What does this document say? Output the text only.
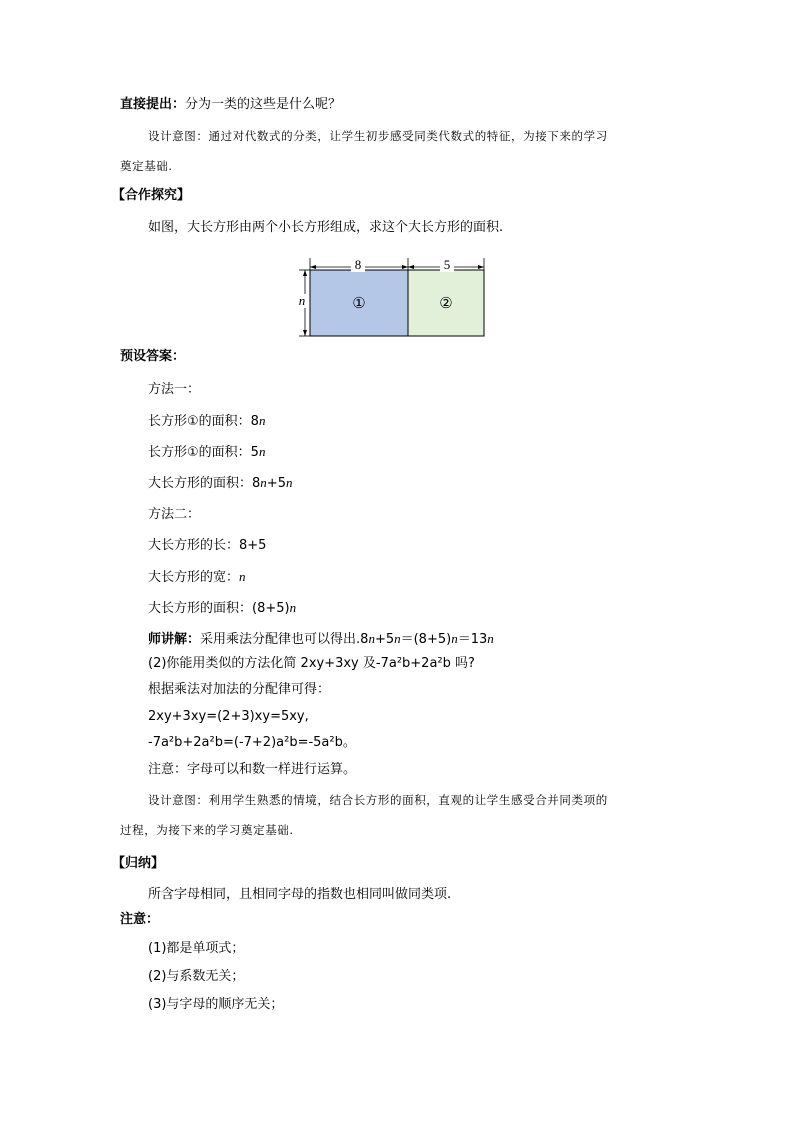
直接提出：分为一类的这些是什么呢？
设计意图：通过对代数式的分类，让学生初步感受同类代数式的特征，为接下来的学习
奠定基础.
【合作探究】
如图，大长方形由两个小长方形组成，求这个大长方形的面积.
8	5
n	①	②
预设答案：
方法一：
长方形①的面积：8n
长方形①的面积：5n
大长方形的面积：8n+5n
方法二：
大长方形的长：8+5
大长方形的宽：n
大长方形的面积：(8+5)n
师讲解：采用乘法分配律也可以得出.8n+5n＝(8+5)n＝13n
(2)你能用类似的方法化简 2xy+3xy 及-7a²b+2a²b 吗?
根据乘法对加法的分配律可得：
2xy+3xy=(2+3)xy=5xy,
-7a²b+2a²b=(-7+2)a²b=-5a²b。
注意：字母可以和数一样进行运算。
设计意图：利用学生熟悉的情境，结合长方形的面积，直观的让学生感受合并同类项的
过程，为接下来的学习奠定基础.
【归纳】
所含字母相同，且相同字母的指数也相同叫做同类项.
注意：
(1)都是单项式；
(2)与系数无关；
(3)与字母的顺序无关；
